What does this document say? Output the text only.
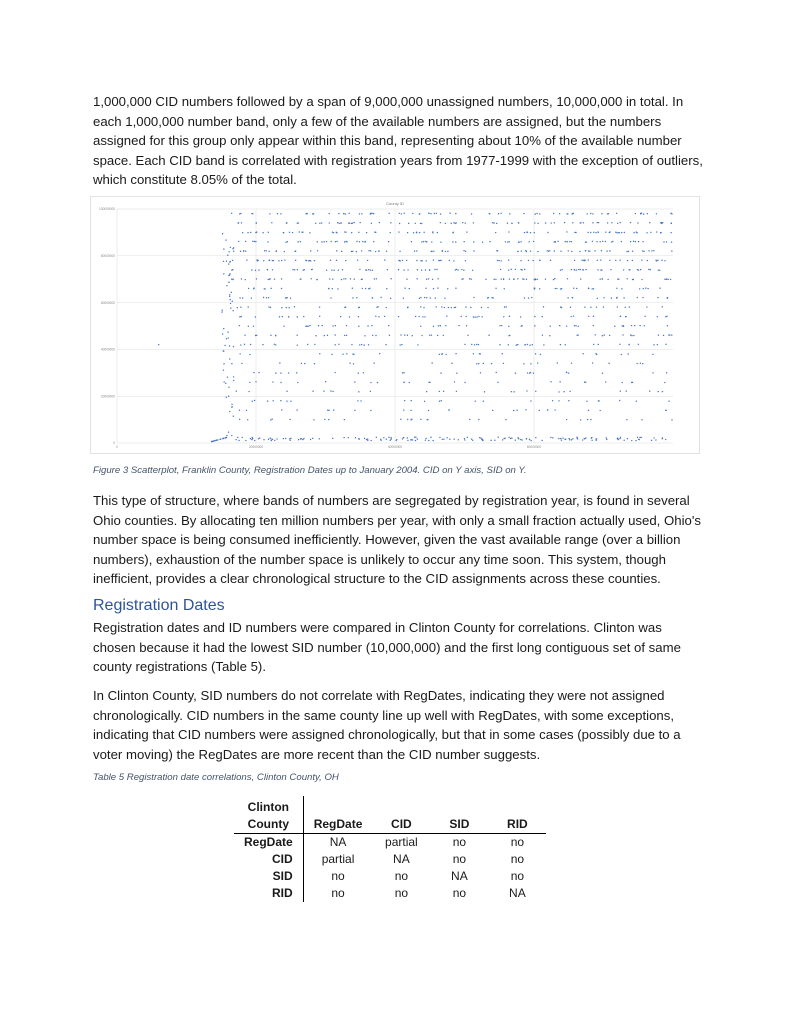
1,000,000 CID numbers followed by a span of 9,000,000 unassigned numbers, 10,000,000 in total. In each 1,000,000 number band, only a few of the available numbers are assigned, but the numbers assigned for this group only appear within this band, representing about 10% of the available number space. Each CID band is correlated with registration years from 1977-1999 with the exception of outliers, which constitute 8.05% of the total.

County ID
100000000
80000000
60000000
40000000
20000000
0
0	20000000	40000000	60000000

Figure 3 Scatterplot, Franklin County, Registration Dates up to January 2004. CID on Y axis, SID on Y.

This type of structure, where bands of numbers are segregated by registration year, is found in several Ohio counties. By allocating ten million numbers per year, with only a small fraction actually used, Ohio's number space is being consumed inefficiently. However, given the vast available range (over a billion numbers), exhaustion of the number space is unlikely to occur any time soon. This system, though inefficient, provides a clear chronological structure to the CID assignments across these counties.

Registration Dates

Registration dates and ID numbers were compared in Clinton County for correlations. Clinton was chosen because it had the lowest SID number (10,000,000) and the first long contiguous set of same county registrations (Table 5).

In Clinton County, SID numbers do not correlate with RegDates, indicating they were not assigned chronologically. CID numbers in the same county line up well with RegDates, with some exceptions, indicating that CID numbers were assigned chronologically, but that in some cases (possibly due to a voter moving) the RegDates are more recent than the CID number suggests.

Table 5 Registration date correlations, Clinton County, OH

Clinton
County				
	RegDate	CID	SID	RID
RegDate	NA	partial	no	no
CID	partial	NA	no	no
SID	no	no	NA	no
RID	no	no	no	NA
